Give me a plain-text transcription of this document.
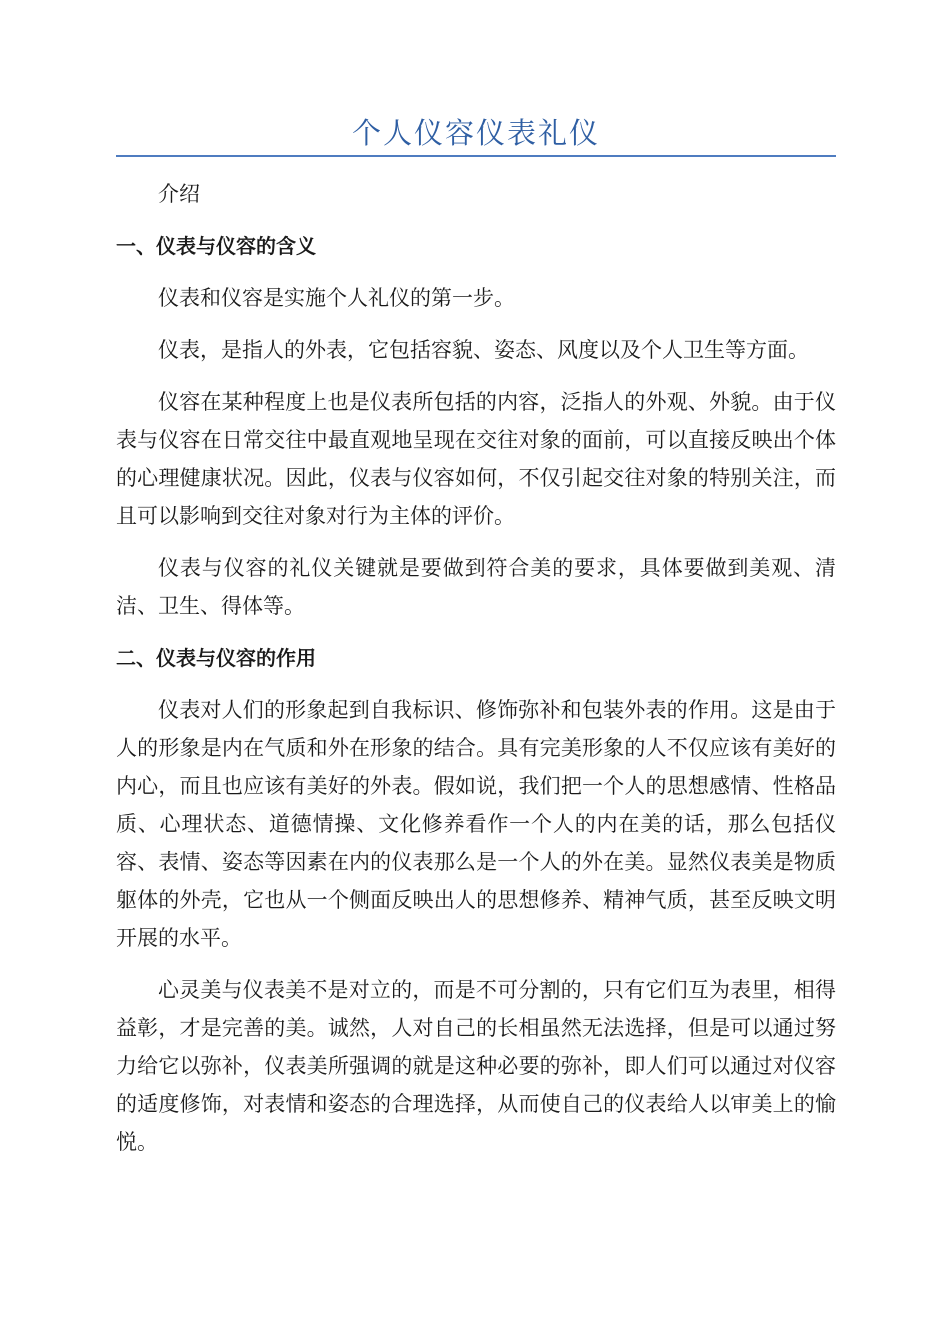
个人仪容仪表礼仪

介绍

一、仪表与仪容的含义

仪表和仪容是实施个人礼仪的第一步。

仪表，是指人的外表，它包括容貌、姿态、风度以及个人卫生等方面。

仪容在某种程度上也是仪表所包括的内容，泛指人的外观、外貌。由于仪表与仪容在日常交往中最直观地呈现在交往对象的面前，可以直接反映出个体的心理健康状况。因此，仪表与仪容如何，不仅引起交往对象的特别关注，而且可以影响到交往对象对行为主体的评价。

仪表与仪容的礼仪关键就是要做到符合美的要求，具体要做到美观、清洁、卫生、得体等。

二、仪表与仪容的作用

仪表对人们的形象起到自我标识、修饰弥补和包装外表的作用。这是由于人的形象是内在气质和外在形象的结合。具有完美形象的人不仅应该有美好的内心，而且也应该有美好的外表。假如说，我们把一个人的思想感情、性格品质、心理状态、道德情操、文化修养看作一个人的内在美的话，那么包括仪容、表情、姿态等因素在内的仪表那么是一个人的外在美。显然仪表美是物质躯体的外壳，它也从一个侧面反映出人的思想修养、精神气质，甚至反映文明开展的水平。

心灵美与仪表美不是对立的，而是不可分割的，只有它们互为表里，相得益彰，才是完善的美。诚然，人对自己的长相虽然无法选择，但是可以通过努力给它以弥补，仪表美所强调的就是这种必要的弥补，即人们可以通过对仪容的适度修饰，对表情和姿态的合理选择，从而使自己的仪表给人以审美上的愉悦。
